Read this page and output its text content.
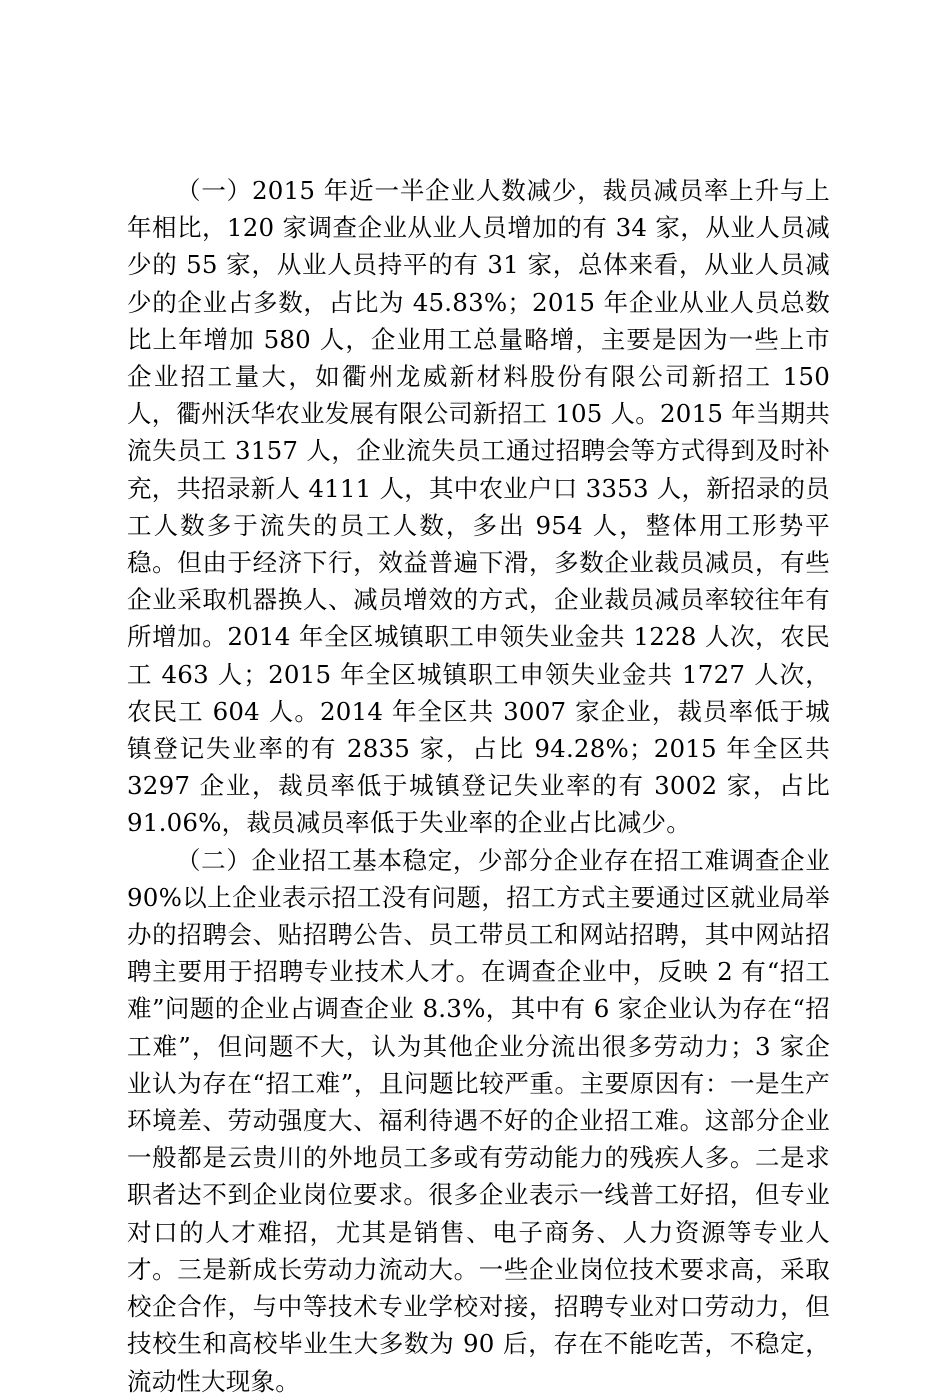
（一）2015 年近一半企业人数减少，裁员减员率上升与上年相比，120 家调查企业从业人员增加的有 34 家，从业人员减少的 55 家，从业人员持平的有 31 家，总体来看，从业人员减少的企业占多数，占比为 45.83%；2015 年企业从业人员总数比上年增加 580 人，企业用工总量略增，主要是因为一些上市企业招工量大，如衢州龙威新材料股份有限公司新招工 150 人，衢州沃华农业发展有限公司新招工 105 人。2015 年当期共流失员工 3157 人，企业流失员工通过招聘会等方式得到及时补充，共招录新人 4111 人，其中农业户口 3353 人，新招录的员工人数多于流失的员工人数，多出 954 人，整体用工形势平稳。但由于经济下行，效益普遍下滑，多数企业裁员减员，有些企业采取机器换人、减员增效的方式，企业裁员减员率较往年有所增加。2014 年全区城镇职工申领失业金共 1228 人次，农民工 463 人；2015 年全区城镇职工申领失业金共 1727 人次，农民工 604 人。2014 年全区共 3007 家企业，裁员率低于城镇登记失业率的有 2835 家，占比 94.28%；2015 年全区共 3297 企业，裁员率低于城镇登记失业率的有 3002 家，占比 91.06%，裁员减员率低于失业率的企业占比减少。

（二）企业招工基本稳定，少部分企业存在招工难调查企业 90%以上企业表示招工没有问题，招工方式主要通过区就业局举办的招聘会、贴招聘公告、员工带员工和网站招聘，其中网站招聘主要用于招聘专业技术人才。在调查企业中，反映 2 有“招工难”问题的企业占调查企业 8.3%，其中有 6 家企业认为存在“招工难”，但问题不大，认为其他企业分流出很多劳动力；3 家企业认为存在“招工难”，且问题比较严重。主要原因有：一是生产环境差、劳动强度大、福利待遇不好的企业招工难。这部分企业一般都是云贵川的外地员工多或有劳动能力的残疾人多。二是求职者达不到企业岗位要求。很多企业表示一线普工好招，但专业对口的人才难招，尤其是销售、电子商务、人力资源等专业人才。三是新成长劳动力流动大。一些企业岗位技术要求高，采取校企合作，与中等技术专业学校对接，招聘专业对口劳动力，但技校生和高校毕业生大多数为 90 后，存在不能吃苦，不稳定，流动性大现象。
